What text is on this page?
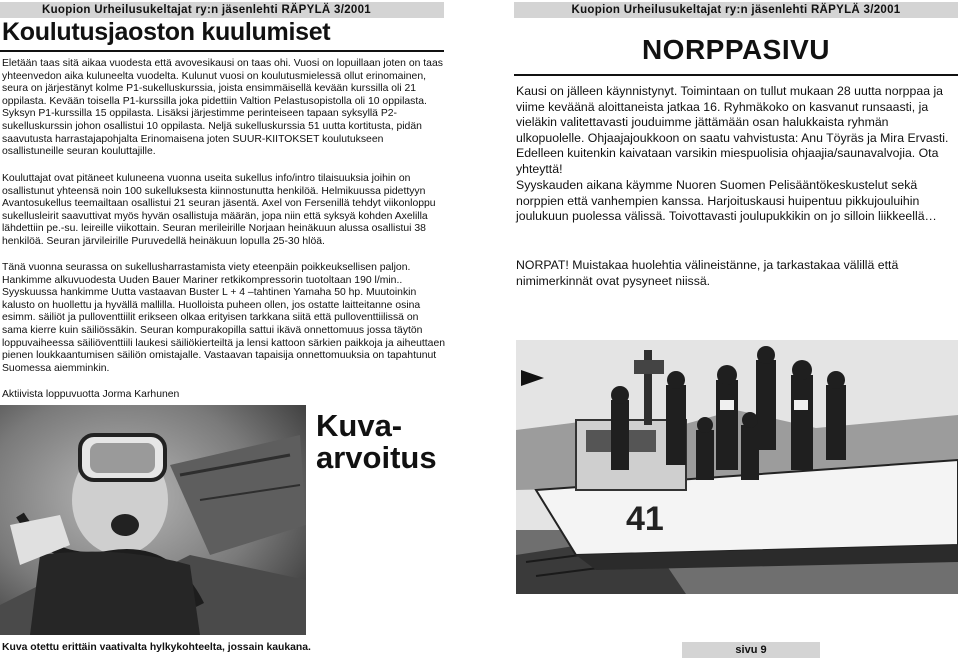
Kuopion Urheilusukeltajat ry:n jäsenlehti RÄPYLÄ 3/2001
Koulutusjaoston kuulumiset
Eletään taas sitä aikaa vuodesta että avovesikausi on taas ohi. Vuosi on lopuillaan joten on taas yhteenvedon aika kuluneelta vuodelta. Kulunut vuosi on koulutusmielessä ollut erinomainen, seura on järjestänyt kolme P1-sukelluskurssia, joista ensimmäisellä kevään kurssilla oli 21 oppilasta. Kevään toisella P1-kurssilla joka pidettiin Valtion Pelastusopistolla oli 10 oppilasta. Syksyn P1-kurssilla 15 oppilasta. Lisäksi järjestimme perinteiseen tapaan syksyllä P2-sukelluskurssin johon osallistui 10 oppilasta. Neljä sukelluskurssia 51 uutta kortitusta, pidän saavutusta harrastajapohjalta Erinomaisena joten SUUR-KIITOKSET koulutukseen osallistuneille seuran kouluttajille.
Kouluttajat ovat pitäneet kuluneena vuonna useita sukellus info/intro tilaisuuksia joihin on osallistunut yhteensä noin 100 sukelluksesta kiinnostunutta henkilöä. Helmikuussa pidettyyn Avantosukellus teemailtaan osallistui 21 seuran jäsentä. Axel von Fersenillä tehdyt viikonloppu sukellusleirit saavuttivat myös hyvän osallistuja määrän, jopa niin että syksyä kohden Axelilla lähdettiin pe.-su. leireille viikottain. Seuran merileirille Norjaan heinäkuun alussa osallistui 38 henkilöä. Seuran järvileirille Puruvedellä heinäkuun lopulla 25-30 hlöä.
Tänä vuonna seurassa on sukellusharrastamista viety eteenpäin poikkeuksellisen paljon. Hankimme alkuvuodesta Uuden Bauer Mariner retkikompressorin tuotoltaan 190 l/min.. Syyskuussa hankimme Uutta vastaavan Buster L + 4 –tahtinen Yamaha 50 hp. Muutoinkin kalusto on huollettu ja hyvällä mallilla. Huolloista puheen ollen, jos ostatte laitteitanne osina esimm. säiliöt ja pulloventtiilit erikseen olkaa erityisen tarkkana siitä että pulloventtiilissä on sama kierre kuin säiliössäkin. Seuran kompurakopilla sattui ikävä onnettomuus jossa täytön loppuvaiheessa säiliöventtiili laukesi säiliökierteiltä ja lensi kattoon särkien paikkoja ja aiheuttaen pienen loukkaantumisen säiliön omistajalle. Vastaavan tapaisija onnettomuuksia on tapahtunut Suomessa aiemminkin.
Aktiivista loppuvuotta Jorma Karhunen
Kuva otettu erittäin vaativalta hylkykohteelta, jossain kaukana.
Kuva-
arvoitus
Kuopion Urheilusukeltajat ry:n jäsenlehti RÄPYLÄ 3/2001
NORPPASIVU
Kausi on jälleen käynnistynyt. Toimintaan on tullut mukaan 28 uutta norppaa ja viime keväänä aloittaneista jatkaa 16. Ryhmäkoko on kasvanut runsaasti, ja vieläkin valitettavasti jouduimme jättämään osan halukkaista ryhmän ulkopuolelle. Ohjaajajoukkoon on saatu vahvistusta: Anu Töyräs ja Mira Ervasti. Edelleen kuitenkin kaivataan varsikin miespuolisia ohjaajia/saunavalvojia. Ota yhteyttä!
Syyskauden aikana käymme Nuoren Suomen Pelisääntökeskustelut sekä norppien että vanhempien kanssa. Harjoituskausi huipentuu pikkujouluihin joulukuun puolessa välissä. Toivottavasti joulupukkikin on jo silloin liikkeellä…
NORPAT! Muistakaa huolehtia välineistänne, ja tarkastakaa välillä että nimimerkinnät ovat pysyneet niissä.
41
sivu 9
